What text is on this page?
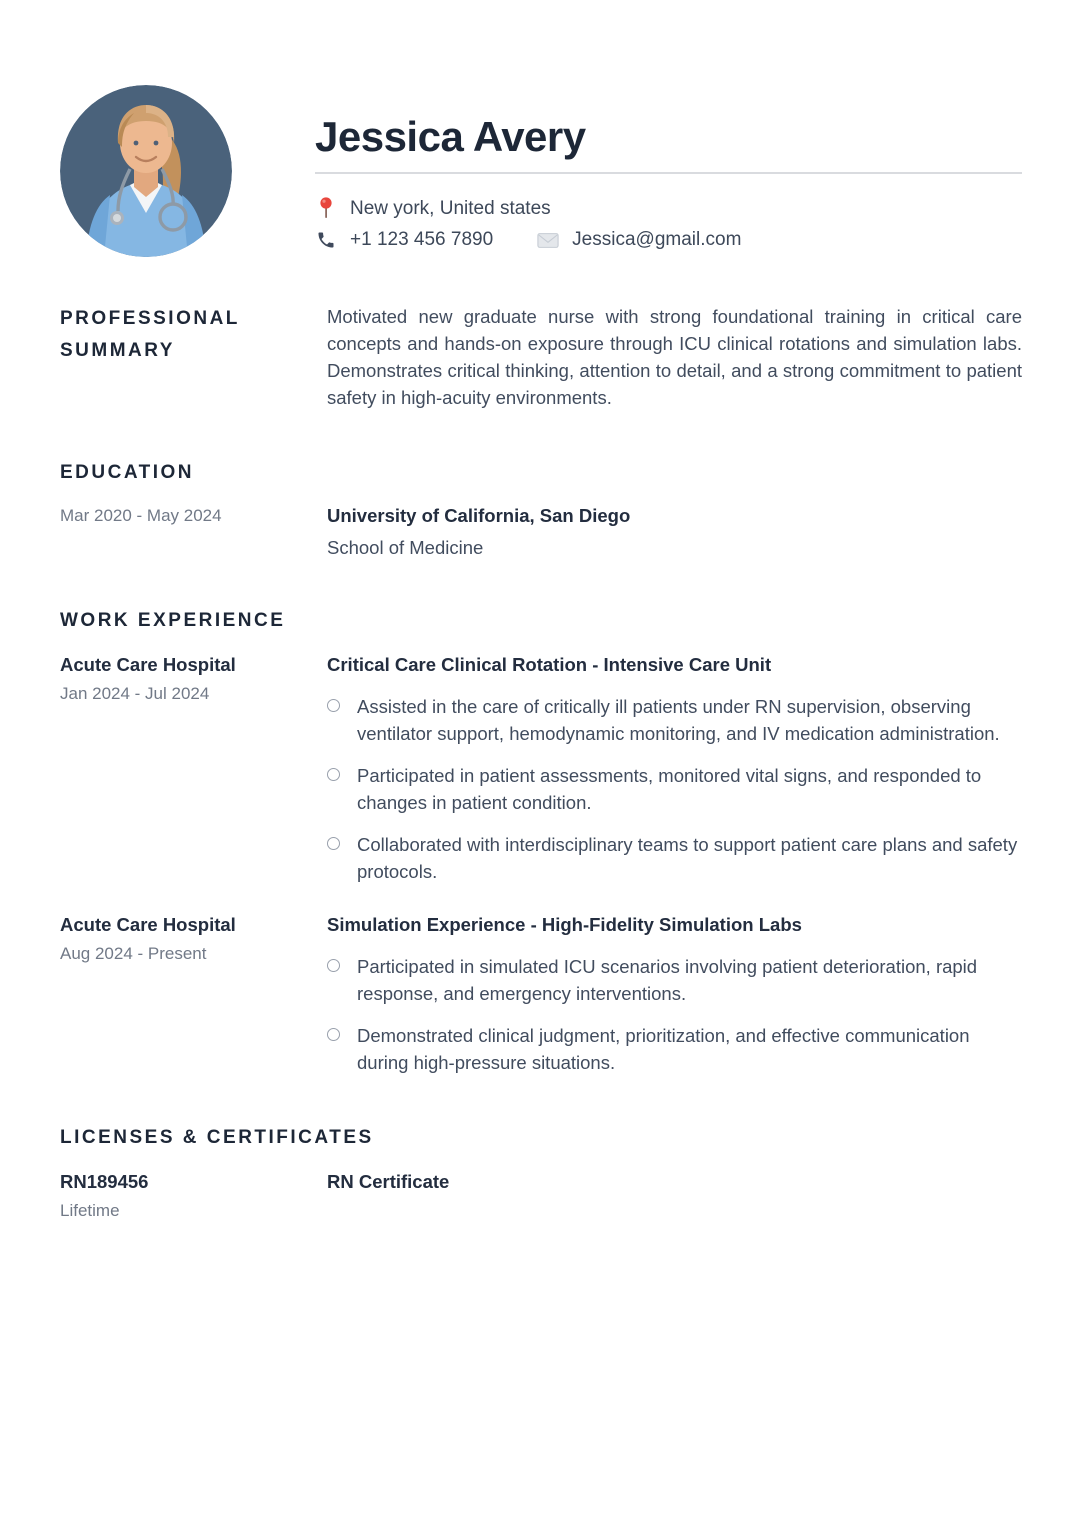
Jessica Avery
New york, United states
+1 123 456 7890	Jessica@gmail.com
PROFESSIONAL SUMMARY

Motivated new graduate nurse with strong foundational training in critical care concepts and hands-on exposure through ICU clinical rotations and simulation labs. Demonstrates critical thinking, attention to detail, and a strong commitment to patient safety in high-acuity environments.

EDUCATION
Mar 2020 - May 2024	University of California, San Diego
School of Medicine
WORK EXPERIENCE
Acute Care Hospital
Jan 2024 - Jul 2024
Critical Care Clinical Rotation - Intensive Care Unit
Assisted in the care of critically ill patients under RN supervision, observing ventilator support, hemodynamic monitoring, and IV medication administration.
Participated in patient assessments, monitored vital signs, and responded to changes in patient condition.
Collaborated with interdisciplinary teams to support patient care plans and safety protocols.
Acute Care Hospital
Aug 2024 - Present
Simulation Experience - High-Fidelity Simulation Labs
Participated in simulated ICU scenarios involving patient deterioration, rapid response, and emergency interventions.
Demonstrated clinical judgment, prioritization, and effective communication during high-pressure situations.
LICENSES & CERTIFICATES
RN189456
Lifetime
RN Certificate
